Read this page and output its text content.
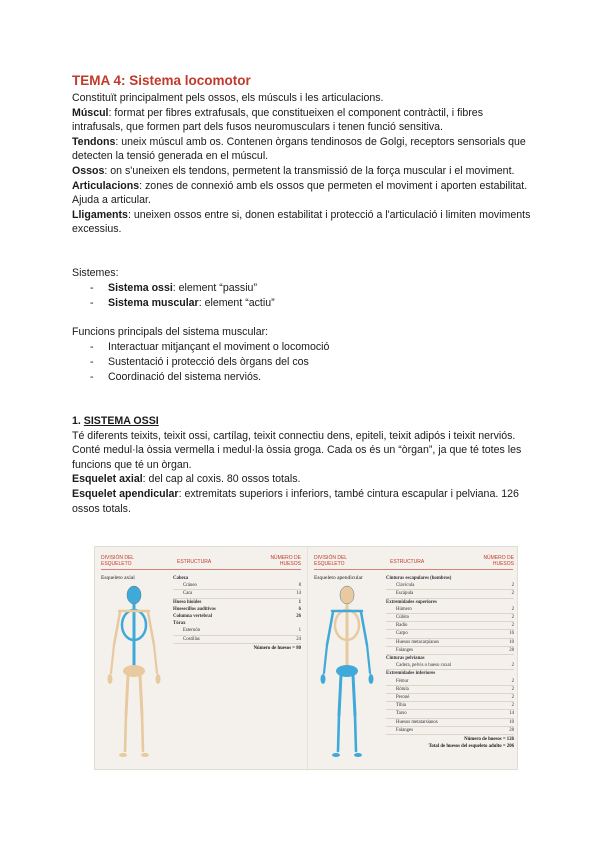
TEMA 4: Sistema locomotor
Constituït principalment pels ossos, els músculs i les articulacions.
Múscul: format per fibres extrafusals, que constitueixen el component contràctil, i fibres intrafusals, que formen part dels fusos neuromusculars i tenen funció sensitiva.
Tendons: uneix múscul amb os. Contenen òrgans tendinosos de Golgi, receptors sensorials que detecten la tensió generada en el múscul.
Ossos: on s'uneixen els tendons, permetent la transmissió de la força muscular i el moviment.
Articulacions: zones de connexió amb els ossos que permeten el moviment i aporten estabilitat. Ajuda a articular.
Lligaments: uneixen ossos entre si, donen estabilitat i protecció a l'articulació i limiten moviments excessius.
Sistemes:
- Sistema ossi: element “passiu”
- Sistema muscular: element “actiu”
Funcions principals del sistema muscular:
- Interactuar mitjançant el moviment o locomoció
- Sustentació i protecció dels òrgans del cos
- Coordinació del sistema nerviós.
1. SISTEMA OSSI
Té diferents teixits, teixit ossi, cartílag, teixit connectiu dens, epiteli, teixit adipós i teixit nerviós. Conté medul·la òssia vermella i medul·la òssia groga. Cada os és un “òrgan”, ja que té totes les funcions que té un òrgan.
Esquelet axial: del cap al coxis. 80 ossos totals.
Esquelet apendicular: extremitats superiors i inferiors, també cintura escapular i pelviana. 126 ossos totals.
DIVISIÓN DEL ESQUELETO	ESTRUCTURA
NÚMERO DE HUESOS
Esqueleto axial	Cabeza
Cráneo	8
Cara	14
Hueso hioides	1
Huesecillos auditivos	6
Columna vertebral	26
Tórax
Esternón	1
Costillas	24
Número de huesos = 80
DIVISIÓN DEL ESQUELETO	ESTRUCTURA
NÚMERO DE HUESOS
Esqueleto apendicular	Cinturas escapulares (hombros)
Clavícula	2
Escápula	2
Extremidades superiores
Húmero	2
Cúbito	2
Radio	2
Carpo	16
Huesos metacarpianos	10
Falanges	28
Cinturas pelvianas
Cadera, pelvis o hueso coxal	2
Extremidades inferiores
Fémur	2
Rótula	2
Peroné	2
Tibia	2
Tarso	14
Huesos metatarsianos	10
Falanges	28
Número de huesos = 126
Total de huesos del esqueleto adulto = 206
